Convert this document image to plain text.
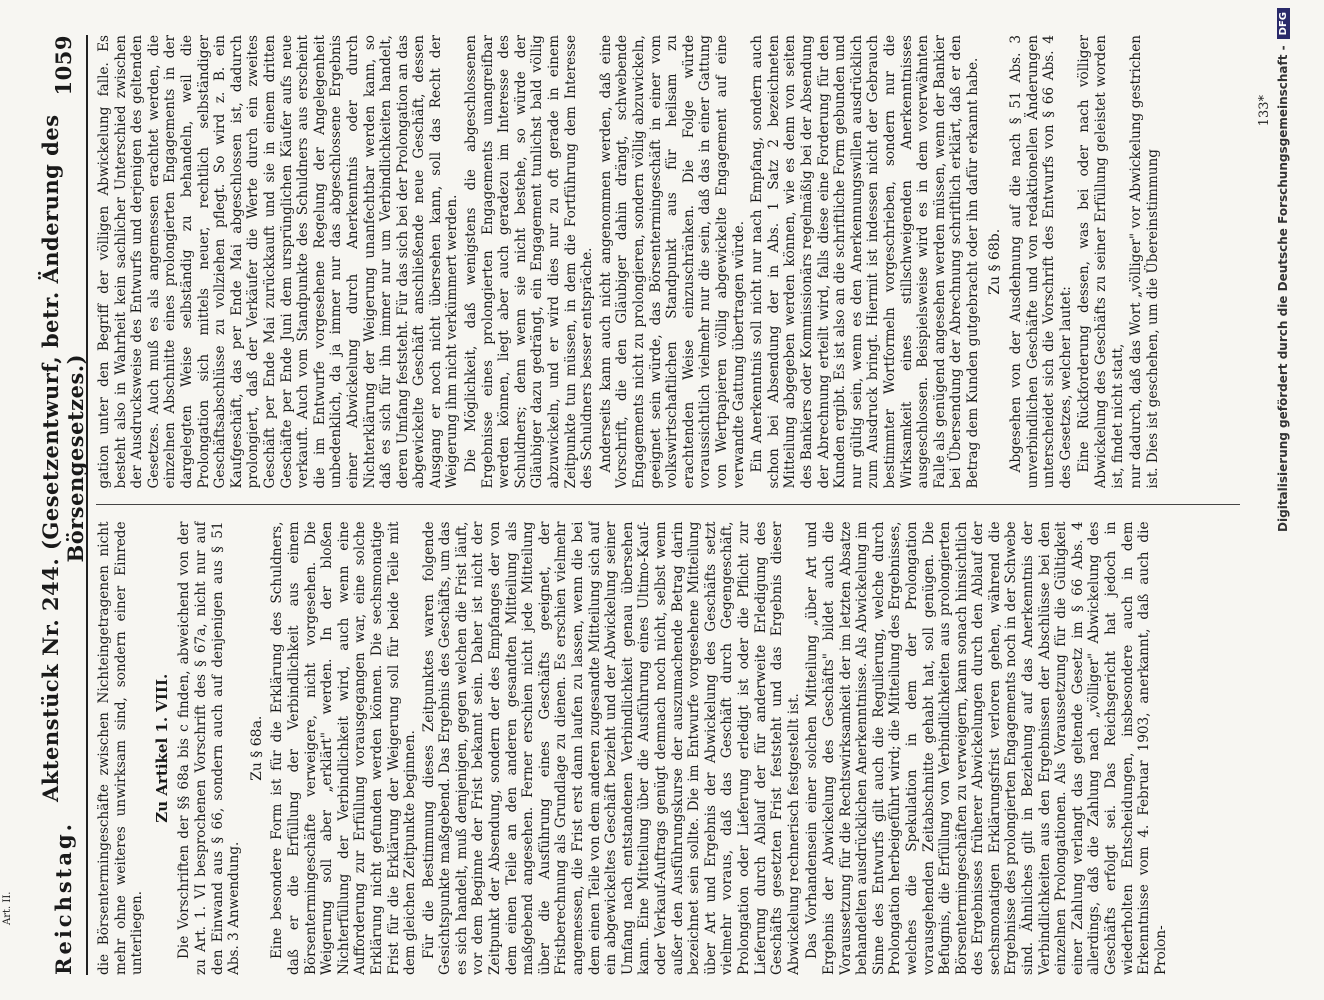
Reichstag.
Aktenstück Nr. 244. (Gesetzentwurf, betr. Änderung des Börsengesetzes.)
1059

die Börsentermingeschäfte zwischen Nichteingetragenen nicht mehr ohne weiteres unwirksam sind, sondern einer Einrede unterliegen.

Zu Artikel 1. VIII. Die Vorschriften der §§ 68a bis c finden, abweichend von der zu Art. 1. VI besprochenen Vorschrift des § 67a, nicht nur auf den Einwand aus § 66, sondern auch auf denjenigen aus § 51 Abs. 3 Anwendung.

Zu § 68a. Eine besondere Form ist für die Erklärung des Schuldners, daß er die Erfüllung der Verbindlichkeit aus einem Börsentermingeschäfte verweigere, nicht vorgesehen. Die Weigerung soll aber „erklärt" werden. In der bloßen Nichterfüllung der Verbindlichkeit wird, auch wenn eine Aufforderung zur Erfüllung vorausgegangen war, eine solche Erklärung nicht gefunden werden können. Die sechsmonatige Frist für die Erklärung der Weigerung soll für beide Teile mit dem gleichen Zeitpunkte beginnen. Für die Bestimmung dieses Zeitpunktes waren folgende Gesichtspunkte maßgebend. Das Ergebnis des Geschäfts, um das es sich handelt, muß demjenigen, gegen welchen die Frist läuft, vor dem Beginne der Frist bekannt sein. Daher ist nicht der Zeitpunkt der Absendung, sondern der des Empfanges der von dem einen Teile an den anderen gesandten Mitteilung als maßgebend angesehen. Ferner erschien nicht jede Mitteilung über die Ausführung eines Geschäfts geeignet, der Fristberechnung als Grundlage zu dienen. Es erschien vielmehr angemessen, die Frist erst dann laufen zu lassen, wenn die bei dem einen Teile von dem anderen zugesandte Mitteilung sich auf ein abgewickeltes Geschäft bezieht und der Abwickelung seiner Umfang nach entstandenen Verbindlichkeit genau übersehen kann. Eine Mitteilung über die Ausführung eines Ultimo-Kauf- oder Verkauf-Auftrags genügt demnach noch nicht, selbst wenn außer den Ausführungskurse der auszumachende Betrag darin bezeichnet sein sollte. Die im Entwurfe vorgesehene Mitteilung über Art und Ergebnis der Abwickelung des Geschäfts setzt vielmehr voraus, daß das Geschäft durch Gegengeschäft, Prolongation oder Lieferung erledigt ist oder die Pflicht zur Lieferung durch Ablauf der für anderweite Erledigung des Geschäfts gesetzten Frist feststeht und das Ergebnis dieser Abwickelung rechnerisch festgestellt ist. Das Vorhandensein einer solchen Mitteilung „über Art und Ergebnis der Abwickelung des Geschäfts" bildet auch die Voraussetzung für die Rechtswirksamkeit der im letzten Absatze behandelten ausdrücklichen Anerkenntnisse. Als Abwickelung im Sinne des Entwurfs gilt auch die Regulierung, welche durch Prolongation herbeigeführt wird; die Mitteilung des Ergebnisses, welches die Spekulation in dem der Prolongation vorausgehenden Zeitabschnitte gehabt hat, soll genügen. Die Befugnis, die Erfüllung von Verbindlichkeiten aus prolongierten Börsentermingeschäften zu verweigern, kann sonach hinsichtlich des Ergebnisses früherer Abwickelungen durch den Ablauf der sechsmonatigen Erklärungsfrist verloren gehen, während die Ergebnisse des prolongierten Engagements noch in der Schwebe sind. Ähnliches gilt in Beziehung auf das Anerkenntnis der Verbindlichkeiten aus den Ergebnissen der Abschlüsse bei den einzelnen Prolongationen. Als Voraussetzung für die Gültigkeit einer Zahlung verlangt das geltende Gesetz im § 66 Abs. 4 allerdings, daß die Zahlung nach „völliger" Abwickelung des Geschäfts erfolgt sei. Das Reichsgericht hat jedoch in wiederholten Entscheidungen, insbesondere auch in dem Erkenntnisse vom 4. Februar 1903, anerkannt, daß auch die Prolon-

gation unter den Begriff der völligen Abwickelung falle. Es besteht also in Wahrheit kein sachlicher Unterschied zwischen der Ausdrucksweise des Entwurfs und derjenigen des geltenden Gesetzes. Auch muß es als angemessen erachtet werden, die einzelnen Abschnitte eines prolongierten Engagements in der dargelegten Weise selbständig zu behandeln, weil die Prolongation sich mittels neuer, rechtlich selbständiger Geschäftsabschlüsse zu vollziehen pflegt. So wird z. B. ein Kaufgeschäft, das per Ende Mai abgeschlossen ist, dadurch prolongiert, daß der Verkäufer die Werte durch ein zweites Geschäft per Ende Mai zurückkauft und sie in einem dritten Geschäfte per Ende Juni dem ursprünglichen Käufer aufs neue verkauft. Auch vom Standpunkte des Schuldners aus erscheint die im Entwurfe vorgesehene Regelung der Angelegenheit unbedenklich, da ja immer nur das abgeschlossene Ergebnis einer Abwickelung durch Anerkenntnis oder durch Nichterklärung der Weigerung unanfechtbar werden kann, so daß es sich für ihn immer nur um Verbindlichkeiten handelt, deren Umfang feststeht. Für das sich bei der Prolongation an das abgewickelte Geschäft anschließende neue Geschäft, dessen Ausgang er noch nicht übersehen kann, soll das Recht der Weigerung ihm nicht verkümmert werden. Die Möglichkeit, daß wenigstens die abgeschlossenen Ergebnisse eines prolongierten Engagements unangreifbar werden können, liegt aber auch geradezu im Interesse des Schuldners; denn wenn sie nicht bestehe, so würde der Gläubiger dazu gedrängt, ein Engagement tunlichst bald völlig abzuwickeln, und er wird dies nur zu oft gerade in einem Zeitpunkte tun müssen, in dem die Fortführung dem Interesse des Schuldners besser entspräche. Anderseits kann auch nicht angenommen werden, daß eine Vorschrift, die den Gläubiger dahin drängt, schwebende Engagements nicht zu prolongieren, sondern völlig abzuwickeln, geeignet sein würde, das Börsentermingeschäft in einer vom volkswirtschaftlichen Standpunkt aus für heilsam zu erachtenden Weise einzuschränken. Die Folge würde voraussichtlich vielmehr nur die sein, daß das in einer Gattung von Wertpapieren völlig abgewickelte Engagement auf eine verwandte Gattung übertragen würde. Ein Anerkenntnis soll nicht nur nach Empfang, sondern auch schon bei Absendung der in Abs. 1 Satz 2 bezeichneten Mitteilung abgegeben werden können, wie es denn von seiten des Bankiers oder Kommissionärs regelmäßig bei der Absendung der Abrechnung erteilt wird, falls diese eine Forderung für den Kunden ergibt. Es ist also an die schriftliche Form gebunden und nur gültig sein, wenn es den Anerkennungswillen ausdrücklich zum Ausdruck bringt. Hiermit ist indessen nicht der Gebrauch bestimmter Wortformeln vorgeschrieben, sondern nur die Wirksamkeit eines stillschweigenden Anerkenntnisses ausgeschlossen. Beispielsweise wird es in dem vorerwähnten Falle als genügend angesehen werden müssen, wenn der Bankier bei Übersendung der Abrechnung schriftlich erklärt, daß er den Betrag dem Kunden gutgebracht oder ihn dafür erkannt habe. Zu § 68b. Abgesehen von der Ausdehnung auf die nach § 51 Abs. 3 unverbindlichen Geschäfte und von redaktionellen Änderungen unterscheidet sich die Vorschrift des Entwurfs von § 66 Abs. 4 des Gesetzes, welcher lautet: Eine Rückforderung dessen, was bei oder nach völliger Abwickelung des Geschäfts zu seiner Erfüllung geleistet worden ist, findet nicht statt, nur dadurch, daß das Wort „völliger" vor Abwickelung gestrichen ist. Dies ist geschehen, um die Übereinstimmung

133*
Art. II.
Digitalisierung gefördert durch die Deutsche Forschungsgemeinschaft -
DFG
